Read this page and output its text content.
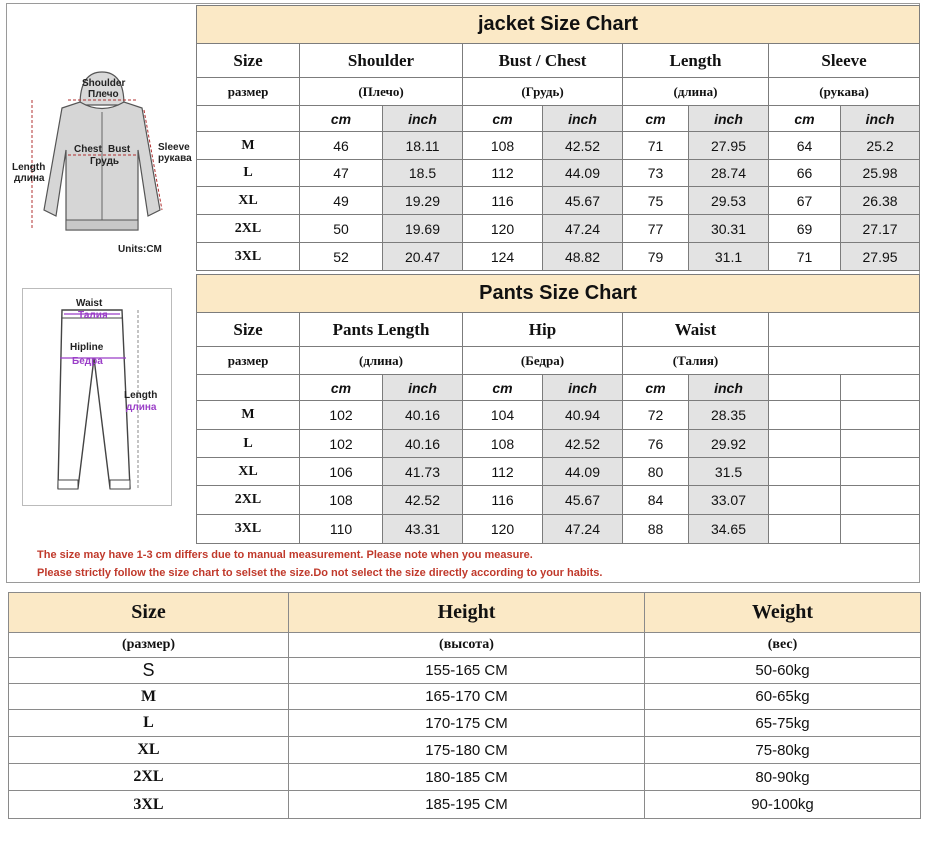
Shoulder
Плечо
Chest Bust
Грудь
Sleeve
рукава
Length
длина
Units:CM
Waist
Талия
Hipline
Бедра
Length
длина
jacket Size Chart								
Size	Shoulder		Bust / Chest		Length		Sleeve	
размер	(Плечо)		(Грудь)		(длина)		(рукава)	
	cm	inch	cm	inch	cm	inch	cm	inch
M	46	18.11	108	42.52	71	27.95	64	25.2
L	47	18.5	112	44.09	73	28.74	66	25.98
XL	49	19.29	116	45.67	75	29.53	67	26.38
2XL	50	19.69	120	47.24	77	30.31	69	27.17
3XL	52	20.47	124	48.82	79	31.1	71	27.95
Pants Size Chart								
Size	Pants Length		Hip		Waist			
размер	(длина)		(Бедра)		(Талия)			
	cm	inch	cm	inch	cm	inch		
M	102	40.16	104	40.94	72	28.35		
L	102	40.16	108	42.52	76	29.92		
XL	106	41.73	112	44.09	80	31.5		
2XL	108	42.52	116	45.67	84	33.07		
3XL	110	43.31	120	47.24	88	34.65		
The size may have 1-3 cm differs due to manual measurement. Please note when you measure.
Please strictly follow the size chart to selset the size.Do not select the size directly according to your habits.
Size	Height	Weight
(размер)	(высота)	(вес)
S	155-165 CM	50-60kg
M	165-170 CM	60-65kg
L	170-175 CM	65-75kg
XL	175-180 CM	75-80kg
2XL	180-185 CM	80-90kg
3XL	185-195 CM	90-100kg
